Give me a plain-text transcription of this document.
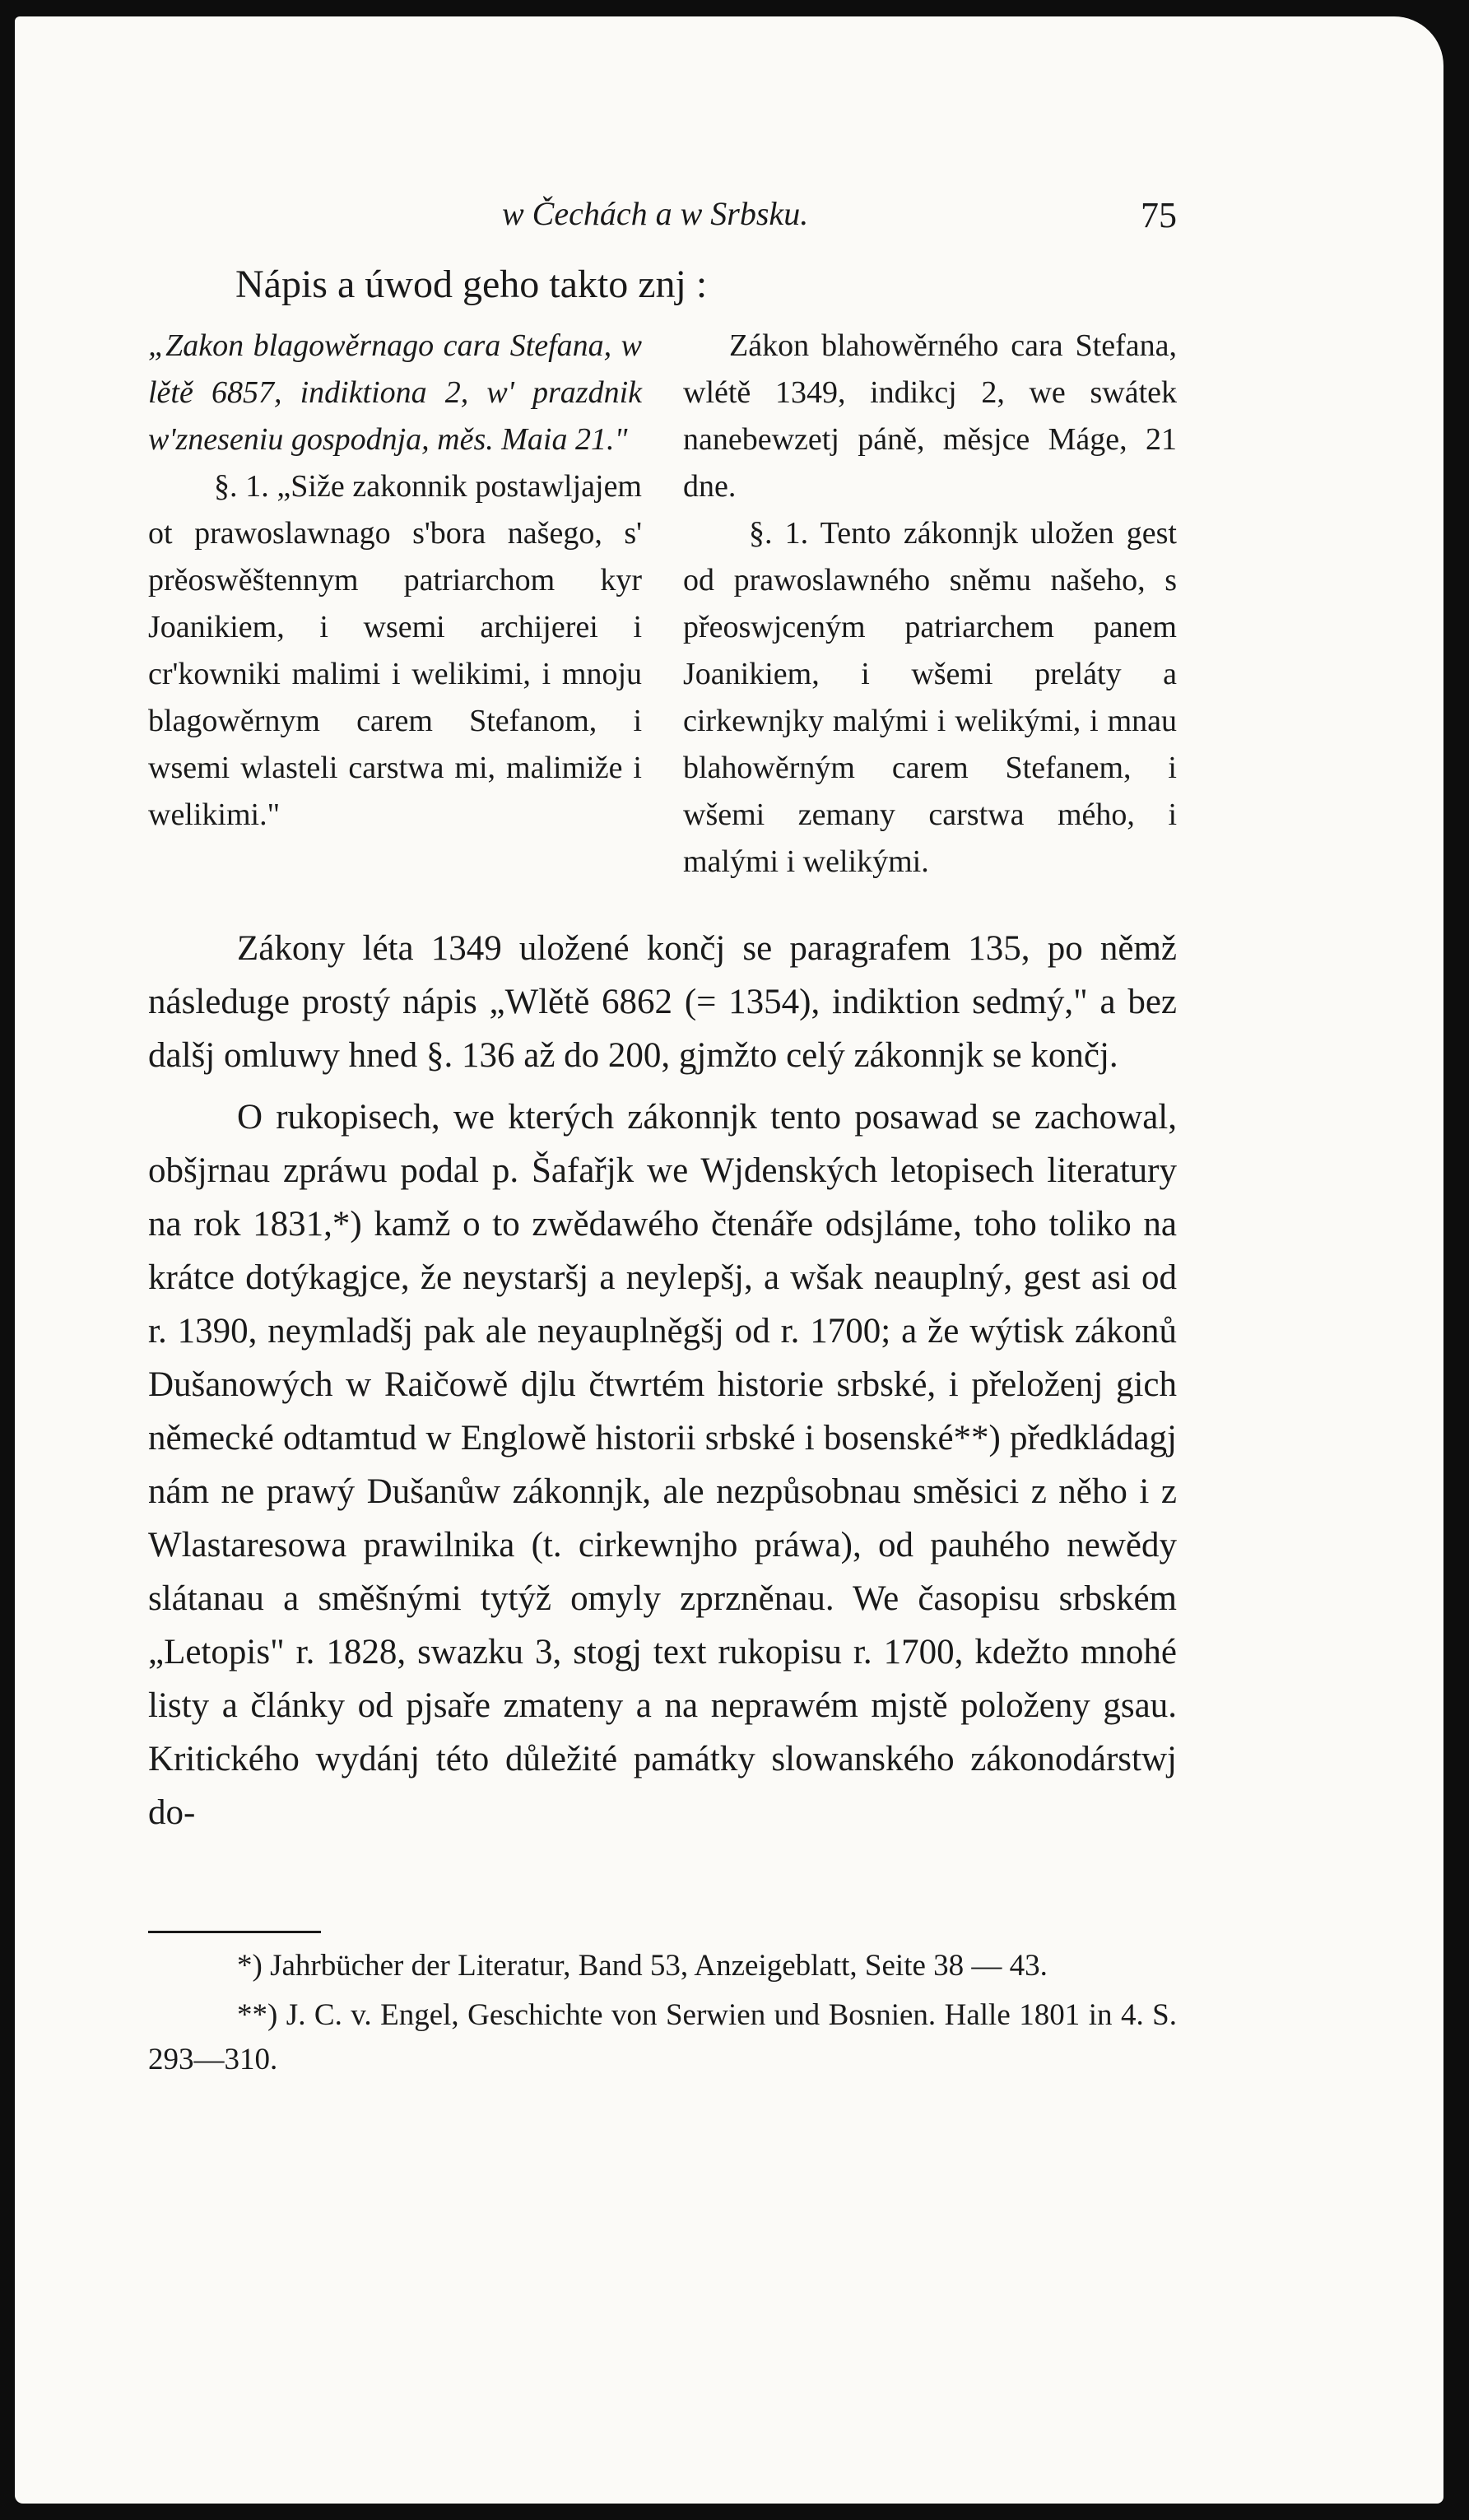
w Čechách a w Srbsku.	75
Nápis a úwod geho takto znj :

„Zakon blagowěrnago cara Stefana, w lětě 6857, indiktiona 2, w' prazdnik w'zneseniu gospodnja, měs. Maia 21."

§. 1. „Siže zakonnik postawljajem ot prawoslawnago s'bora našego, s' prěoswěštennym patriarchom kyr Joanikiem, i wsemi archijerei i cr'kowniki malimi i welikimi, i mnoju blagowěrnym carem Stefanom, i wsemi wlasteli carstwa mi, malimiže i welikimi."

Zákon blahowěrného cara Stefana, wlétě 1349, indikcj 2, we swátek nanebewzetj páně, měsjce Máge, 21 dne.

§. 1. Tento zákonnjk uložen gest od prawoslawného sněmu našeho, s přeoswjceným patriarchem panem Joanikiem, i wšemi preláty a cirkewnjky malými i welikými, i mnau blahowěrným carem Stefanem, i wšemi zemany carstwa mého, i malými i welikými.

Zákony léta 1349 uložené končj se paragrafem 135, po němž následuge prostý nápis „Wlětě 6862 (= 1354), indiktion sedmý," a bez dalšj omluwy hned §. 136 až do 200, gjmžto celý zákonnjk se končj.

O rukopisech, we kterých zákonnjk tento posawad se zachowal, obšjrnau zpráwu podal p. Šafařjk we Wjdenských letopisech literatury na rok 1831,*) kamž o to zwědawého čtenáře odsjláme, toho toliko na krátce dotýkagjce, že neystaršj a neylepšj, a wšak neauplný, gest asi od r. 1390, neymladšj pak ale neyauplněgšj od r. 1700; a že wýtisk zákonů Dušanowých w Raičowě djlu čtwrtém historie srbské, i přeloženj gich německé odtamtud w Englowě historii srbské i bosenské**) předkládagj nám ne prawý Dušanůw zákonnjk, ale nezpůsobnau směsici z něho i z Wlastaresowa prawilnika (t. cirkewnjho práwa), od pauhého newědy slátanau a směšnými tytýž omyly zprzněnau. We časopisu srbském „Letopis" r. 1828, swazku 3, stogj text rukopisu r. 1700, kdežto mnohé listy a články od pjsaře zmateny a na neprawém mjstě položeny gsau. Kritického wydánj této důležité památky slowanského zákonodárstwj do-

*) Jahrbücher der Literatur, Band 53, Anzeigeblatt, Seite 38 — 43.

**) J. C. v. Engel, Geschichte von Serwien und Bosnien. Halle 1801 in 4. S. 293—310.
